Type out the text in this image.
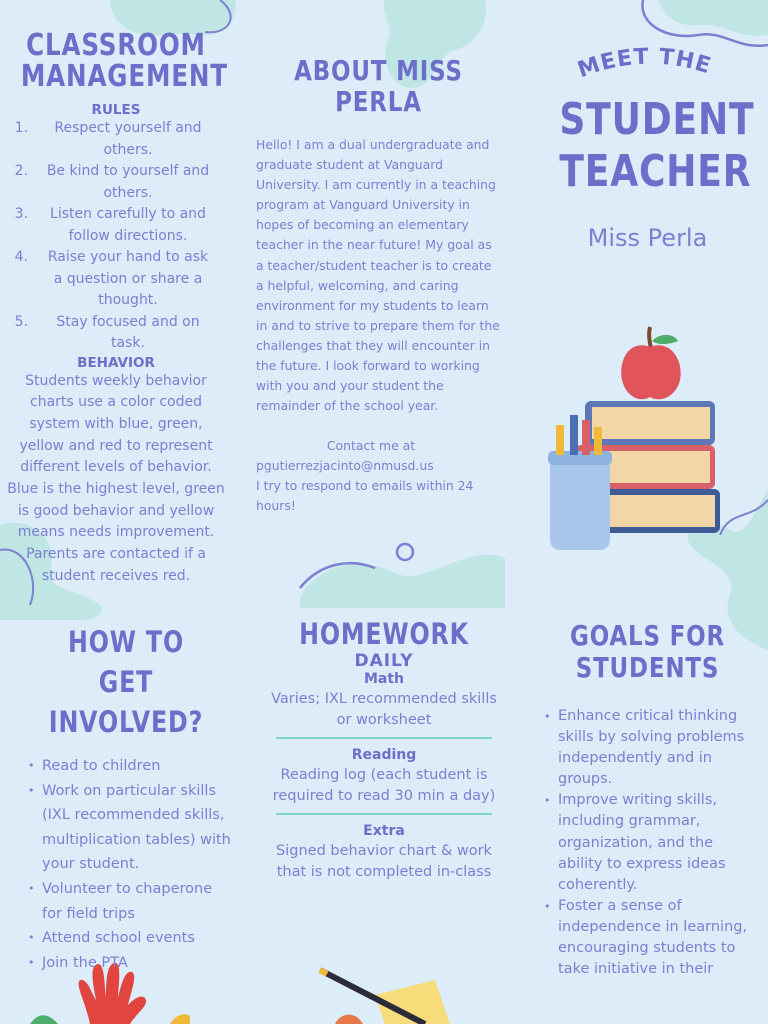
CLASSROOM
MANAGEMENT
RULES
1.	Respect yourself and others.
2.	Be kind to yourself and others.
3.	Listen carefully to and follow directions.
4.	Raise your hand to ask a question or share a thought.
5.	Stay focused and on task.
BEHAVIOR
Students weekly behavior charts use a color coded system with blue, green, yellow and red to represent different levels of behavior. Blue is the highest level, green is good behavior and yellow means needs improvement. Parents are contacted if a student receives red.
ABOUT MISS
PERLA
Hello! I am a dual undergraduate and graduate student at Vanguard University. I am currently in a teaching program at Vanguard University in hopes of becoming an elementary teacher in the near future! My goal as a teacher/student teacher is to create a helpful, welcoming, and caring environment for my students to learn in and to strive to prepare them for the challenges that they will encounter in the future. I look forward to working with you and your student the remainder of the school year.
Contact me at
pgutierrezjacinto@nmusd.us
I try to respond to emails within 24 hours!
MEET THE
STUDENT
TEACHER
Miss Perla
HOW TO GET
INVOLVED?
• Read to children
• Work on particular skills (IXL recommended skills, multiplication tables) with your student.
• Volunteer to chaperone for field trips
• Attend school events
• Join the PTA
HOMEWORK
DAILY
Math
Varies; IXL recommended skills or worksheet
Reading
Reading log (each student is required to read 30 min a day)
Extra
Signed behavior chart & work that is not completed in-class
GOALS FOR
STUDENTS
• Enhance critical thinking skills by solving problems independently and in groups.
• Improve writing skills, including grammar, organization, and the ability to express ideas coherently.
• Foster a sense of independence in learning, encouraging students to take initiative in their
